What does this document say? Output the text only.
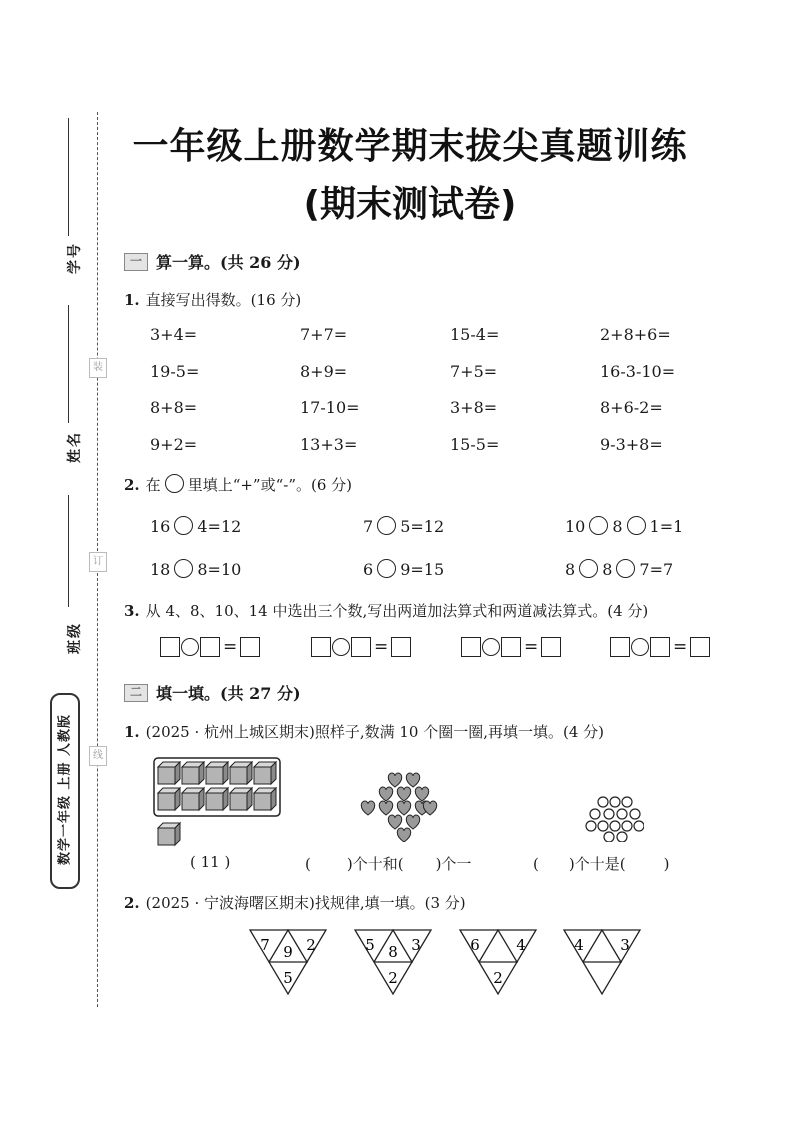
装
订
线
学号
姓名
班级
数学一年级 上册 人教版
一年级上册数学期末拔尖真题训练
(期末测试卷)
一 算一算。(共 26 分)
1. 直接写出得数。(16 分)
3+4=	7+7=	15-4=	2+8+6=
19-5=	8+9=	7+5=	16-3-10=
8+8=	17-10=	3+8=	8+6-2=
9+2=	13+3=	15-5=	9-3+8=
2. 在 里填上“+”或“-”。(6 分)
16 4=12	7 5=12	10 8 1=1
18 8=10	6 9=15	8 8 7=7
3. 从 4、8、10、14 中选出三个数,写出两道加法算式和两道减法算式。(4 分)
=	=	=	=
二 填一填。(共 27 分)
1. (2025 · 杭州上城区期末)照样子,数满 10 个圈一圈,再填一填。(4 分)
( 11 )	( )个十和( )个一	( )个十是(	)
2. (2025 · 宁波海曙区期末)找规律,填一填。(3 分)
7 9 2
5
5 8 3
2
6 4
2
4 3
